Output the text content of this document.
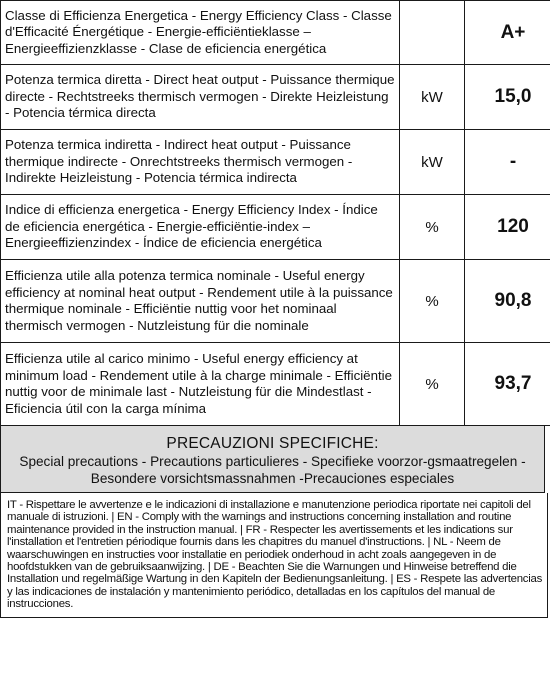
Classe di Efficienza Energetica - Energy Efficiency Class - Classe d'Efficacité Énergétique - Energie-efficiëntieklasse – Energieeffizienzklasse - Clase de eficiencia energética		A+
Potenza termica diretta - Direct heat output - Puissance thermique directe - Rechtstreeks thermisch vermogen - Direkte Heizleistung - Potencia térmica directa	kW	15,0
Potenza termica indiretta - Indirect heat output - Puissance thermique indirecte - Onrechtstreeks thermisch vermogen - Indirekte Heizleistung - Potencia térmica indirecta	kW	-
Indice di efficienza energetica - Energy Efficiency Index - Índice de eficiencia energética - Energie-efficiëntie-index – Energieeffizienzindex - Índice de eficiencia energética	%	120
Efficienza utile alla potenza termica nominale - Useful energy efficiency at nominal heat output - Rendement utile à la puissance thermique nominale - Efficiëntie nuttig voor het nominaal thermisch vermogen - Nutzleistung für die nominale	%	90,8
Efficienza utile al carico minimo - Useful energy efficiency at minimum load - Rendement utile à la charge minimale - Efficiëntie nuttig voor de minimale last - Nutzleistung für die Mindestlast - Eficiencia útil con la carga mínima	%	93,7
PRECAUZIONI SPECIFICHE:
Special precautions - Precautions particulieres - Specifieke voorzor-gsmaatregelen - Besondere vorsichtsmassnahmen -Precauciones especiales
IT - Rispettare le avvertenze e le indicazioni di installazione e manutenzione periodica riportate nei capitoli del manuale di istruzioni. | EN - Comply with the warnings and instructions concerning installation and routine maintenance provided in the instruction manual. | FR - Respecter les avertissements et les indications sur l'installation et l'entretien périodique fournis dans les chapitres du manuel d'instructions. | NL - Neem de waarschuwingen en instructies voor installatie en periodiek onderhoud in acht zoals aangegeven in de hoofdstukken van de gebruiksaanwijzing. | DE - Beachten Sie die Warnungen und Hinweise betreffend die Installation und regelmäßige Wartung in den Kapiteln der Bedienungsanleitung. | ES - Respete las advertencias y las indicaciones de instalación y mantenimiento periódico, detalladas en los capítulos del manual de instrucciones.
